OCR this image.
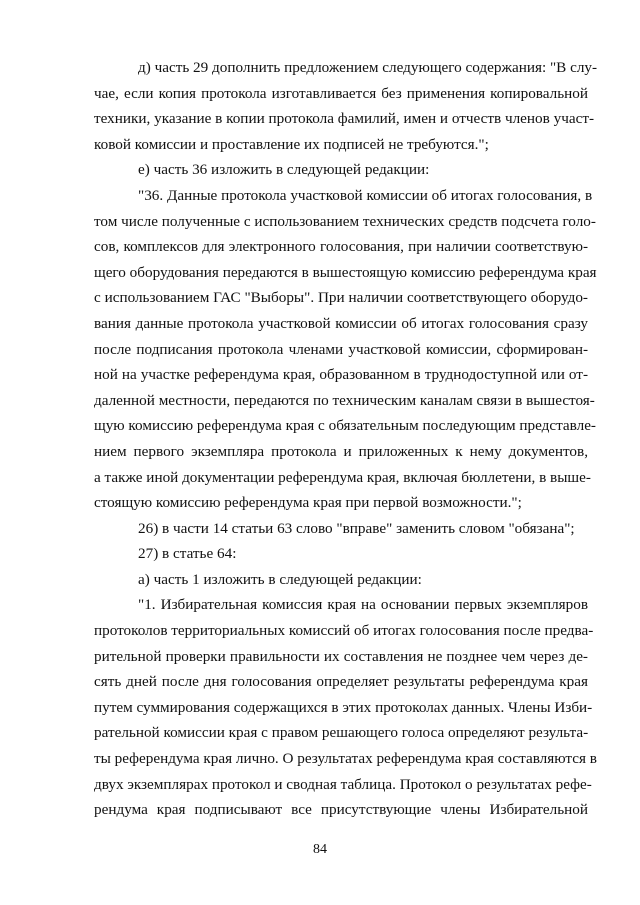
д) часть 29 дополнить предложением следующего содержания: "В слу-
чае, если копия протокола изготавливается без применения копировальной
техники, указание в копии протокола фамилий, имен и отчеств членов участ-
ковой комиссии и проставление их подписей не требуются.";
е) часть 36 изложить в следующей редакции:
"36. Данные протокола участковой комиссии об итогах голосования, в
том числе полученные с использованием технических средств подсчета голо-
сов, комплексов для электронного голосования, при наличии соответствую-
щего оборудования передаются в вышестоящую комиссию референдума края
с использованием ГАС "Выборы". При наличии соответствующего оборудо-
вания данные протокола участковой комиссии об итогах голосования сразу
после подписания протокола членами участковой комиссии, сформирован-
ной на участке референдума края, образованном в труднодоступной или от-
даленной местности, передаются по техническим каналам связи в вышестоя-
щую комиссию референдума края с обязательным последующим представле-
нием первого экземпляра протокола и приложенных к нему документов,
а также иной документации референдума края, включая бюллетени, в выше-
стоящую комиссию референдума края при первой возможности.";
26) в части 14 статьи 63 слово "вправе" заменить словом "обязана";
27) в статье 64:
а) часть 1 изложить в следующей редакции:
"1. Избирательная комиссия края на основании первых экземпляров
протоколов территориальных комиссий об итогах голосования после предва-
рительной проверки правильности их составления не позднее чем через де-
сять дней после дня голосования определяет результаты референдума края
путем суммирования содержащихся в этих протоколах данных. Члены Изби-
рательной комиссии края с правом решающего голоса определяют результа-
ты референдума края лично. О результатах референдума края составляются в
двух экземплярах протокол и сводная таблица. Протокол о результатах рефе-
рендума края подписывают все присутствующие члены Избирательной
84
